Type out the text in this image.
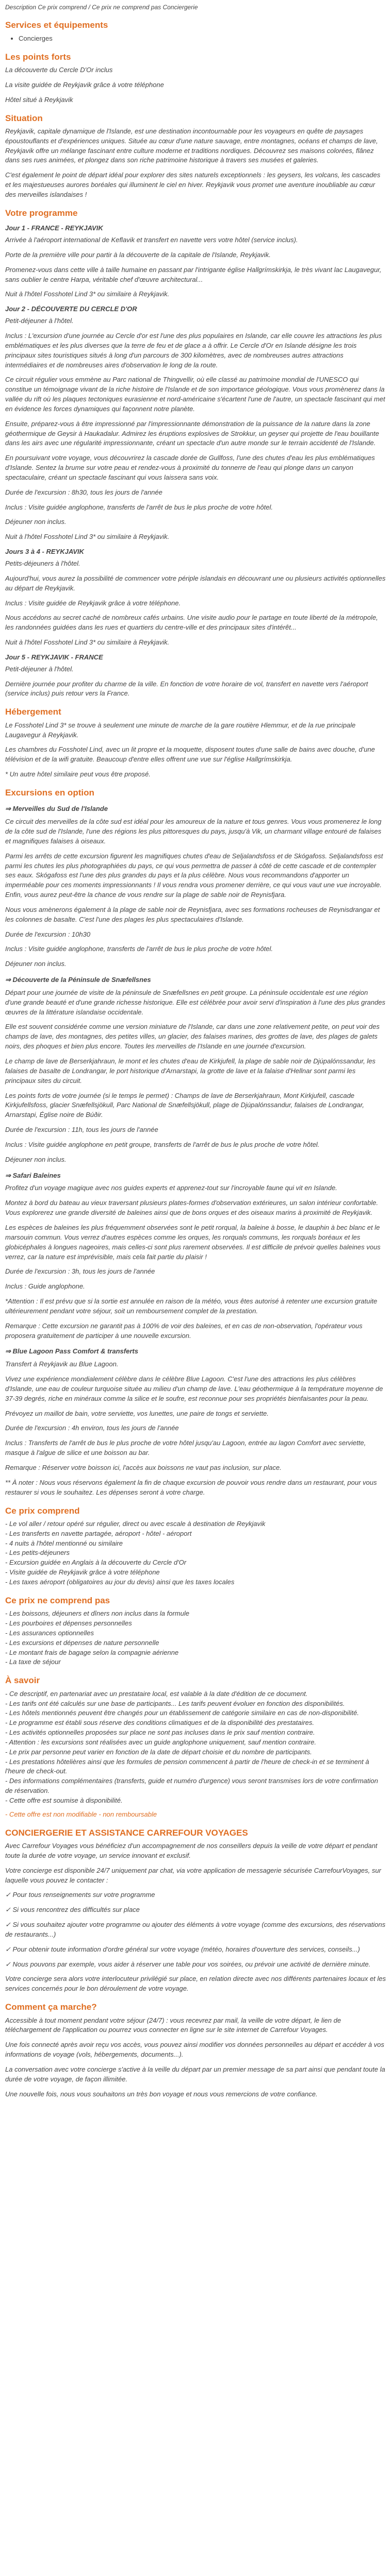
Description Ce prix comprend / Ce prix ne comprend pas Conciergerie
Services et équipements
• Concierges
Les points forts

La découverte du Cercle D'Or inclus

La visite guidée de Reykjavik grâce à votre téléphone

Hôtel situé à Reykjavik

Situation

Reykjavik, capitale dynamique de l'Islande, est une destination incontournable pour les voyageurs en quête de paysages époustouflants et d'expériences uniques. Située au cœur d'une nature sauvage, entre montagnes, océans et champs de lave, Reykjavik offre un mélange fascinant entre culture moderne et traditions nordiques. Découvrez ses maisons colorées, flânez dans ses rues animées, et plongez dans son riche patrimoine historique à travers ses musées et galeries.

C'est également le point de départ idéal pour explorer des sites naturels exceptionnels : les geysers, les volcans, les cascades et les majestueuses aurores boréales qui illuminent le ciel en hiver. Reykjavik vous promet une aventure inoubliable au cœur des merveilles islandaises !

Votre programme
Jour 1 - FRANCE - REYKJAVIK

Arrivée à l'aéroport international de Keflavik et transfert en navette vers votre hôtel (service inclus).

Porte de la première ville pour partir à la découverte de la capitale de l'Islande, Reykjavik.

Promenez-vous dans cette ville à taille humaine en passant par l'intrigante église Hallgrímskirkja, le très vivant lac Laugavegur, sans oublier le centre Harpa, véritable chef d'œuvre architectural...

Nuit à l'hôtel Fosshotel Lind 3* ou similaire à Reykjavik.

Jour 2 - DÉCOUVERTE DU CERCLE D'OR

Petit-déjeuner à l'hôtel.

Inclus : L'excursion d'une journée au Cercle d'or est l'une des plus populaires en Islande, car elle couvre les attractions les plus emblématiques et les plus diverses que la terre de feu et de glace a à offrir. Le Cercle d'Or en Islande désigne les trois principaux sites touristiques situés à long d'un parcours de 300 kilomètres, avec de nombreuses autres attractions intermédiaires et de nombreuses aires d'observation le long de la route.

Ce circuit régulier vous emmène au Parc national de Thingvellir, où elle classé au patrimoine mondial de l'UNESCO qui constitue un témoignage vivant de la riche histoire de l'Islande et de son importance géologique. Vous vous promènerez dans la vallée du rift où les plaques tectoniques eurasienne et nord-américaine s'écartent l'une de l'autre, un spectacle fascinant qui met en évidence les forces dynamiques qui façonnent notre planète.

Ensuite, préparez-vous à être impressionné par l'impressionnante démonstration de la puissance de la nature dans la zone géothermique de Geysir à Haukadalur. Admirez les éruptions explosives de Strokkur, un geyser qui projette de l'eau bouillante dans les airs avec une régularité impressionnante, créant un spectacle d'un autre monde sur le terrain accidenté de l'Islande.

En poursuivant votre voyage, vous découvrirez la cascade dorée de Gullfoss, l'une des chutes d'eau les plus emblématiques d'Islande. Sentez la brume sur votre peau et rendez-vous à proximité du tonnerre de l'eau qui plonge dans un canyon spectaculaire, créant un spectacle fascinant qui vous laissera sans voix.

Durée de l'excursion : 8h30, tous les jours de l'année

Inclus : Visite guidée anglophone, transferts de l'arrêt de bus le plus proche de votre hôtel.

Déjeuner non inclus.

Nuit à l'hôtel Fosshotel Lind 3* ou similaire à Reykjavik.

Jours 3 à 4 - REYKJAVIK

Petits-déjeuners à l'hôtel.

Aujourd'hui, vous aurez la possibilité de commencer votre périple islandais en découvrant une ou plusieurs activités optionnelles au départ de Reykjavik.

Inclus : Visite guidée de Reykjavik grâce à votre téléphone.

Nous accédons au secret caché de nombreux cafés urbains. Une visite audio pour le partage en toute liberté de la métropole, les randonnées guidées dans les rues et quartiers du centre-ville et des principaux sites d'intérêt...

Nuit à l'hôtel Fosshotel Lind 3* ou similaire à Reykjavik.

Jour 5 - REYKJAVIK - FRANCE

Petit-déjeuner à l'hôtel.

Dernière journée pour profiter du charme de la ville. En fonction de votre horaire de vol, transfert en navette vers l'aéroport (service inclus) puis retour vers la France.

Hébergement

Le Fosshotel Lind 3* se trouve à seulement une minute de marche de la gare routière Hlemmur, et de la rue principale Laugavegur à Reykjavik.

Les chambres du Fosshotel Lind, avec un lit propre et la moquette, disposent toutes d'une salle de bains avec douche, d'une télévision et de la wifi gratuite. Beaucoup d'entre elles offrent une vue sur l'église Hallgrímskirkja.

* Un autre hôtel similaire peut vous être proposé.

Excursions en option
⇒ Merveilles du Sud de l'Islande

Ce circuit des merveilles de la côte sud est idéal pour les amoureux de la nature et tous genres. Vous vous promenerez le long de la côte sud de l'Islande, l'une des régions les plus pittoresques du pays, jusqu'à Vik, un charmant village entouré de falaises et magnifiques falaises à oiseaux.

Parmi les arrêts de cette excursion figurent les magnifiques chutes d'eau de Seljalandsfoss et de Skógafoss. Seljalandsfoss est parmi les chutes les plus photographiées du pays, ce qui vous permettra de passer à côté de cette cascade et de contempler ses eaux. Skógafoss est l'une des plus grandes du pays et la plus célèbre. Nous vous recommandons d'apporter un imperméable pour ces moments impressionnants ! Il vous rendra vous promener derrière, ce qui vous vaut une vue incroyable. Enfin, vous aurez peut-être la chance de vous rendre sur la plage de sable noir de Reynisfjara.

Nous vous amènerons également à la plage de sable noir de Reynisfjara, avec ses formations rocheuses de Reynisdrangar et les colonnes de basalte. C'est l'une des plages les plus spectaculaires d'Islande.

Durée de l'excursion : 10h30

Inclus : Visite guidée anglophone, transferts de l'arrêt de bus le plus proche de votre hôtel.

Déjeuner non inclus.

⇒ Découverte de la Péninsule de Snæfellsnes

Départ pour une journée de visite de la péninsule de Snæfellsnes en petit groupe. La péninsule occidentale est une région d'une grande beauté et d'une grande richesse historique. Elle est célébrée pour avoir servi d'inspiration à l'une des plus grandes œuvres de la littérature islandaise occidentale.

Elle est souvent considérée comme une version miniature de l'Islande, car dans une zone relativement petite, on peut voir des champs de lave, des montagnes, des petites villes, un glacier, des falaises marines, des grottes de lave, des plages de galets noirs, des phoques et bien plus encore. Toutes les merveilles de l'Islande en une journée d'excursion.

Le champ de lave de Berserkjahraun, le mont et les chutes d'eau de Kirkjufell, la plage de sable noir de Djúpalónssandur, les falaises de basalte de Londrangar, le port historique d'Arnarstapi, la grotte de lave et la falaise d'Hellnar sont parmi les principaux sites du circuit.

Les points forts de votre journée (si le temps le permet) : Champs de lave de Berserkjahraun, Mont Kirkjufell, cascade Kirkjufellsfoss, glacier Snæfellsjökull, Parc National de Snæfellsjökull, plage de Djúpalónssandur, falaises de Londrangar, Arnarstapi, Église noire de Búðir.

Durée de l'excursion : 11h, tous les jours de l'année

Inclus : Visite guidée anglophone en petit groupe, transferts de l'arrêt de bus le plus proche de votre hôtel.

Déjeuner non inclus.

⇒ Safari Baleines

Profitez d'un voyage magique avec nos guides experts et apprenez-tout sur l'incroyable faune qui vit en Islande.

Montez à bord du bateau au vieux traversant plusieurs plates-formes d'observation extérieures, un salon intérieur confortable. Vous explorerez une grande diversité de baleines ainsi que de bons orques et des oiseaux marins à proximité de Reykjavik.

Les espèces de baleines les plus fréquemment observées sont le petit rorqual, la baleine à bosse, le dauphin à bec blanc et le marsouin commun. Vous verrez d'autres espèces comme les orques, les rorquals communs, les rorquals boréaux et les globicéphales à longues nageoires, mais celles-ci sont plus rarement observées. Il est difficile de prévoir quelles baleines vous verrez, car la nature est imprévisible, mais cela fait partie du plaisir !

Durée de l'excursion : 3h, tous les jours de l'année

Inclus : Guide anglophone.

*Attention : Il est prévu que si la sortie est annulée en raison de la météo, vous êtes autorisé à retenter une excursion gratuite ultérieurement pendant votre séjour, soit un remboursement complet de la prestation.

Remarque : Cette excursion ne garantit pas à 100% de voir des baleines, et en cas de non-observation, l'opérateur vous proposera gratuitement de participer à une nouvelle excursion.

⇒ Blue Lagoon Pass Comfort & transferts

Transfert à Reykjavik au Blue Lagoon.

Vivez une expérience mondialement célèbre dans le célèbre Blue Lagoon. C'est l'une des attractions les plus célèbres d'Islande, une eau de couleur turquoise située au milieu d'un champ de lave. L'eau géothermique à la température moyenne de 37-39 degrés, riche en minéraux comme la silice et le soufre, est reconnue pour ses propriétés bienfaisantes pour la peau.

Prévoyez un maillot de bain, votre serviette, vos lunettes, une paire de tongs et serviette.

Durée de l'excursion : 4h environ, tous les jours de l'année

Inclus : Transferts de l'arrêt de bus le plus proche de votre hôtel jusqu'au Lagoon, entrée au lagon Comfort avec serviette, masque à l'algue de silice et une boisson au bar.

Remarque : Réserver votre boisson ici, l'accès aux boissons ne vaut pas inclusion, sur place.

** À noter : Nous vous réservons également la fin de chaque excursion de pouvoir vous rendre dans un restaurant, pour vous restaurer si vous le souhaitez. Les dépenses seront à votre charge.

Ce prix comprend
- Le vol aller / retour opéré sur régulier, direct ou avec escale à destination de Reykjavik
- Les transferts en navette partagée, aéroport - hôtel - aéroport
- 4 nuits à l'hôtel mentionné ou similaire
- Les petits-déjeuners
- Excursion guidée en Anglais à la découverte du Cercle d'Or
- Visite guidée de Reykjavik grâce à votre téléphone
- Les taxes aéroport (obligatoires au jour du devis) ainsi que les taxes locales
Ce prix ne comprend pas
- Les boissons, déjeuners et dîners non inclus dans la formule
- Les pourboires et dépenses personnelles
- Les assurances optionnelles
- Les excursions et dépenses de nature personnelle
- Le montant frais de bagage selon la compagnie aérienne
- La taxe de séjour
À savoir
- Ce descriptif, en partenariat avec un prestataire local, est valable à la date d'édition de ce document.
- Les tarifs ont été calculés sur une base de participants... Les tarifs peuvent évoluer en fonction des disponibilités.
- Les hôtels mentionnés peuvent être changés pour un établissement de catégorie similaire en cas de non-disponibilité.
- Le programme est établi sous réserve des conditions climatiques et de la disponibilité des prestataires.
- Les activités optionnelles proposées sur place ne sont pas incluses dans le prix sauf mention contraire.
- Attention : les excursions sont réalisées avec un guide anglophone uniquement, sauf mention contraire.
- Le prix par personne peut varier en fonction de la date de départ choisie et du nombre de participants.
- Les prestations hôtelières ainsi que les formules de pension commencent à partir de l'heure de check-in et se terminent à l'heure de check-out.
- Des informations complémentaires (transferts, guide et numéro d'urgence) vous seront transmises lors de votre confirmation de réservation.
- Cette offre est soumise à disponibilité.

- Cette offre est non modifiable - non remboursable

CONCIERGERIE ET ASSISTANCE CARREFOUR VOYAGES

Avec Carrefour Voyages vous bénéficiez d'un accompagnement de nos conseillers depuis la veille de votre départ et pendant toute la durée de votre voyage, un service innovant et exclusif.

Votre concierge est disponible 24/7 uniquement par chat, via votre application de messagerie sécurisée CarrefourVoyages, sur laquelle vous pouvez le contacter :

✓ Pour tous renseignements sur votre programme

✓ Si vous rencontrez des difficultés sur place

✓ Si vous souhaitez ajouter votre programme ou ajouter des éléments à votre voyage (comme des excursions, des réservations de restaurants...)

✓ Pour obtenir toute information d'ordre général sur votre voyage (météo, horaires d'ouverture des services, conseils...)

✓ Nous pouvons par exemple, vous aider à réserver une table pour vos soirées, ou prévoir une activité de dernière minute.

Votre concierge sera alors votre interlocuteur privilégié sur place, en relation directe avec nos différents partenaires locaux et les services concernés pour le bon déroulement de votre voyage.

Comment ça marche?

Accessible à tout moment pendant votre séjour (24/7) : vous recevrez par mail, la veille de votre départ, le lien de téléchargement de l'application ou pourrez vous connecter en ligne sur le site internet de Carrefour Voyages.

Une fois connecté après avoir reçu vos accès, vous pouvez ainsi modifier vos données personnelles au départ et accéder à vos informations de voyage (vols, hébergements, documents...).

La conversation avec votre concierge s'active à la veille du départ par un premier message de sa part ainsi que pendant toute la durée de votre voyage, de façon illimitée.

Une nouvelle fois, nous vous souhaitons un très bon voyage et nous vous remercions de votre confiance.
